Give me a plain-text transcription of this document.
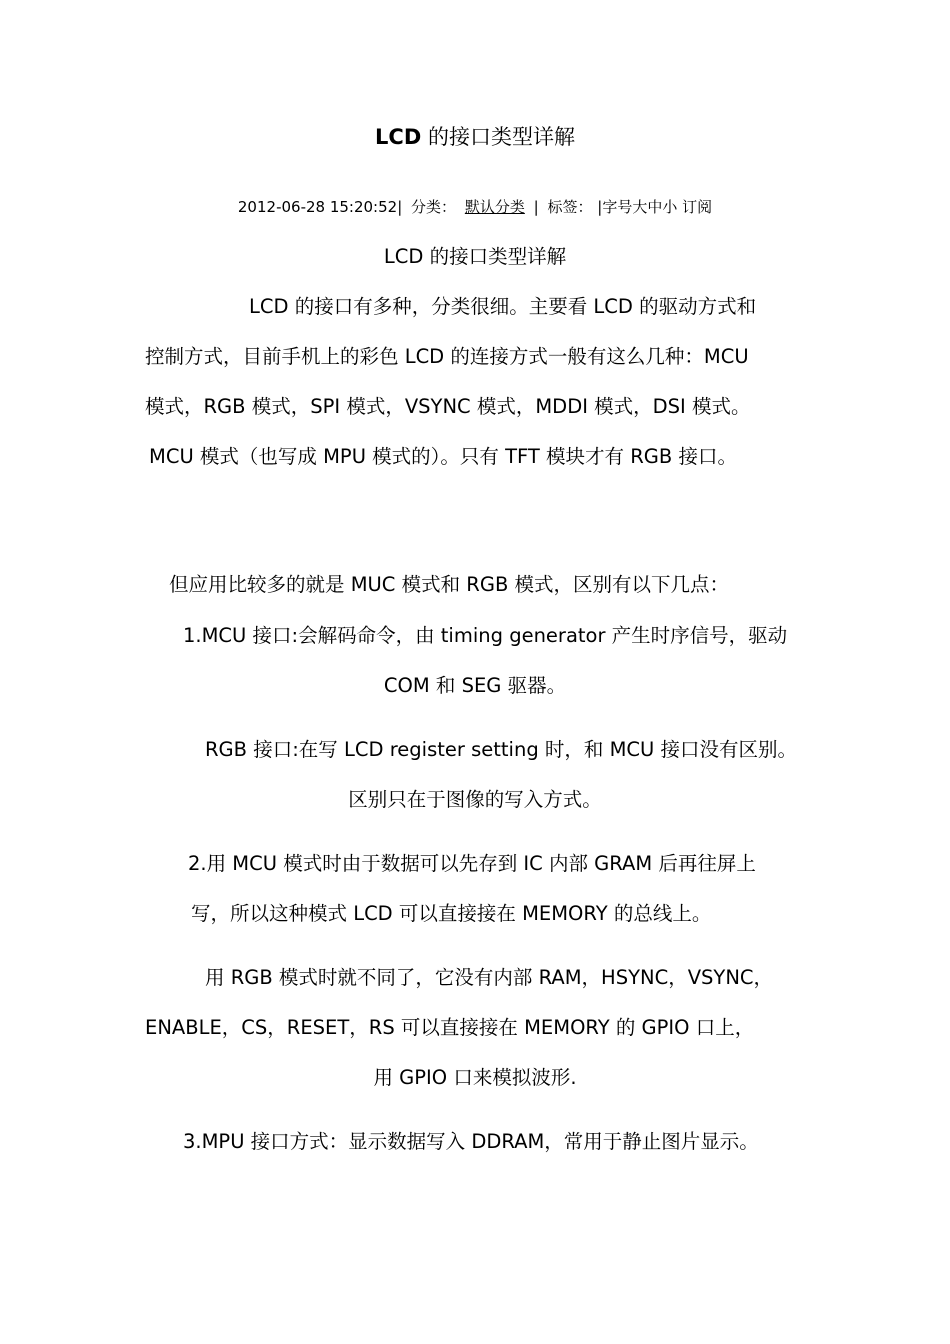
LCD 的接口类型详解
2012-06-28 15:20:52| 分类： 默认分类 | 标签： |字号大中小 订阅
LCD 的接口类型详解
LCD 的接口有多种，分类很细。主要看 LCD 的驱动方式和
控制方式，目前手机上的彩色 LCD 的连接方式一般有这么几种：MCU
模式，RGB 模式，SPI 模式，VSYNC 模式，MDDI 模式，DSI 模式。
MCU 模式（也写成 MPU 模式的）。只有 TFT 模块才有 RGB 接口。
但应用比较多的就是 MUC 模式和 RGB 模式，区别有以下几点：
1.MCU 接口:会解码命令，由 timing generator 产生时序信号，驱动
COM 和 SEG 驱器。
RGB 接口:在写 LCD register setting 时，和 MCU 接口没有区别。
区别只在于图像的写入方式。
2.用 MCU 模式时由于数据可以先存到 IC 内部 GRAM 后再往屏上
写，所以这种模式 LCD 可以直接接在 MEMORY 的总线上。
用 RGB 模式时就不同了，它没有内部 RAM，HSYNC，VSYNC，
ENABLE，CS，RESET，RS 可以直接接在 MEMORY 的 GPIO 口上，
用 GPIO 口来模拟波形.
3.MPU 接口方式：显示数据写入 DDRAM，常用于静止图片显示。
